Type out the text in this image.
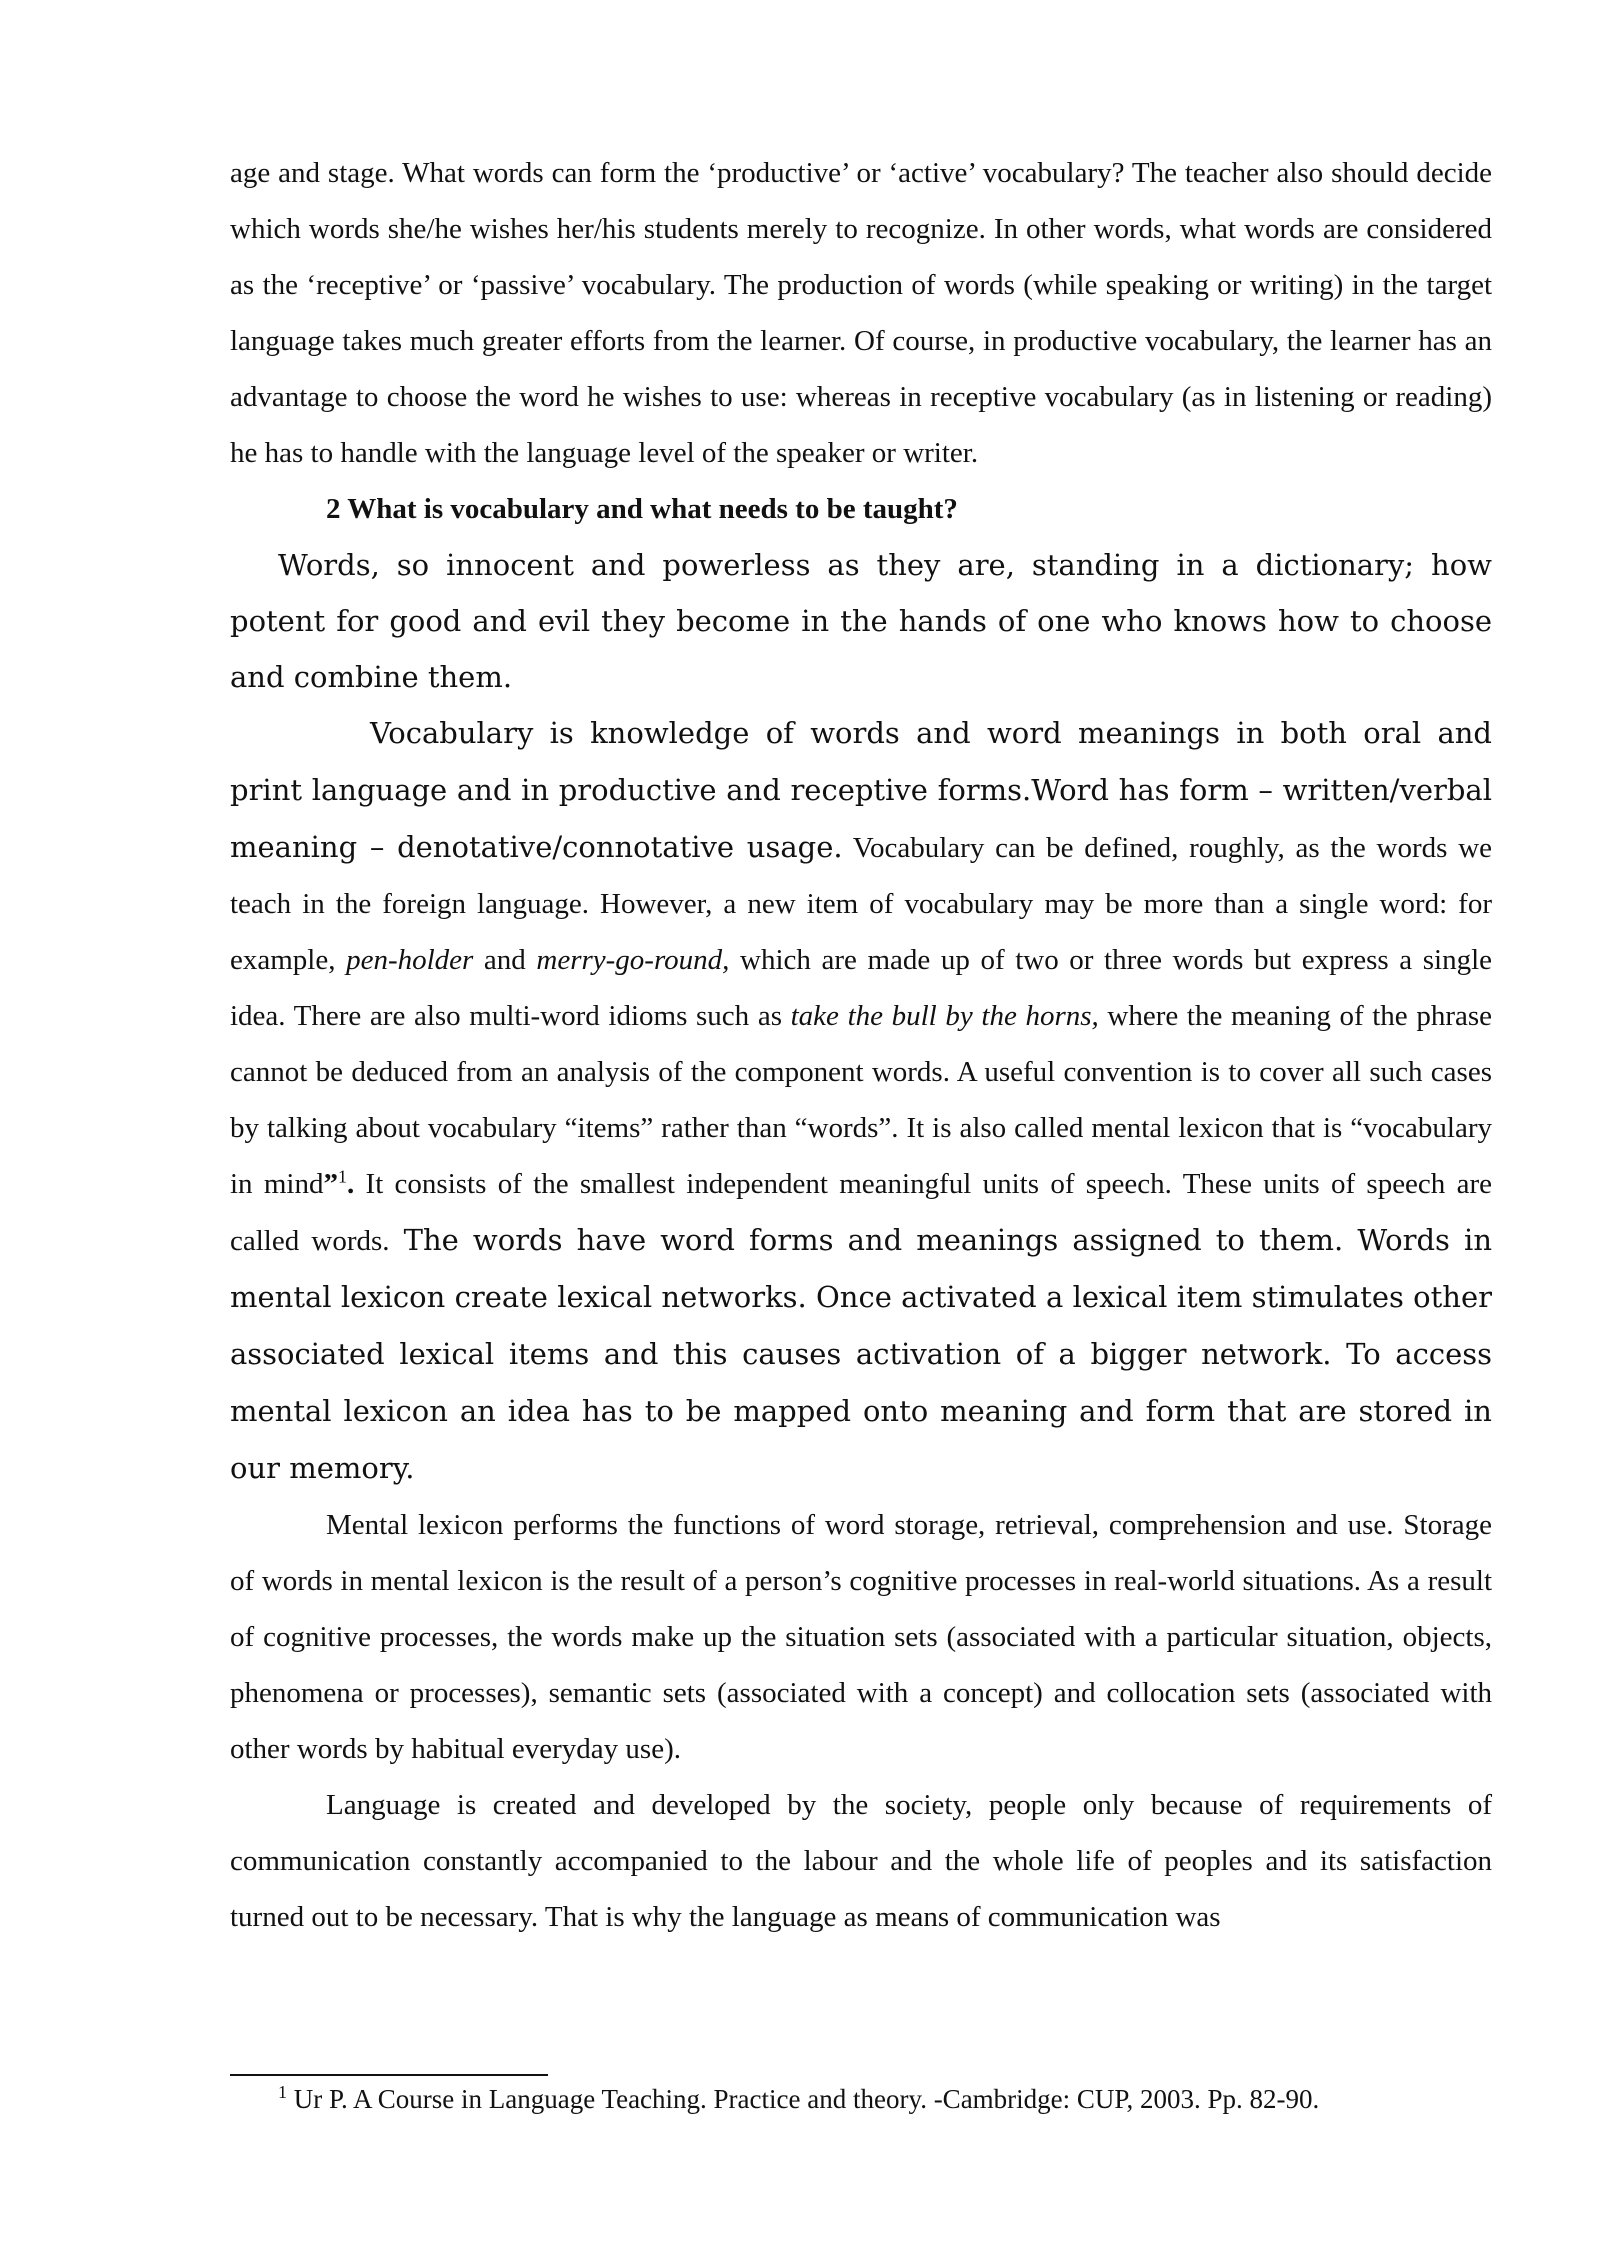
age and stage. What words can form the ‘productive’ or ‘active’ vocabulary? The teacher also should decide which words she/he wishes her/his students merely to recognize. In other words, what words are considered as the ‘receptive’ or ‘passive’ vocabulary. The production of words (while speaking or writing) in the target language takes much greater efforts from the learner. Of course, in productive vocabulary, the learner has an advantage to choose the word he wishes to use: whereas in receptive vocabulary (as in listening or reading) he has to handle with the language level of the speaker or writer.

2 What is vocabulary and what needs to be taught?

Words, so innocent and powerless as they are, standing in a dictionary; how potent for good and evil they become in the hands of one who knows how to choose and combine them.

Vocabulary is knowledge of words and word meanings in both oral and print language and in productive and receptive forms.Word has form – written/verbal meaning – denotative/connotative usage. Vocabulary can be defined, roughly, as the words we teach in the foreign language. However, a new item of vocabulary may be more than a single word: for example, pen-holder and merry-go-round, which are made up of two or three words but express a single idea. There are also multi-word idioms such as take the bull by the horns, where the meaning of the phrase cannot be deduced from an analysis of the component words. A useful convention is to cover all such cases by talking about vocabulary “items” rather than “words”. It is also called mental lexicon that is “vocabulary in mind”$^1$. It consists of the smallest independent meaningful units of speech. These units of speech are called words. The words have word forms and meanings assigned to them. Words in mental lexicon create lexical networks. Once activated a lexical item stimulates other associated lexical items and this causes activation of a bigger network. To access mental lexicon an idea has to be mapped onto meaning and form that are stored in our memory.

Mental lexicon performs the functions of word storage, retrieval, comprehension and use. Storage of words in mental lexicon is the result of a person’s cognitive processes in real-world situations. As a result of cognitive processes, the words make up the situation sets (associated with a particular situation, objects, phenomena or processes), semantic sets (associated with a concept) and collocation sets (associated with other words by habitual everyday use).

Language is created and developed by the society, people only because of requirements of communication constantly accompanied to the labour and the whole life of peoples and its satisfaction turned out to be necessary. That is why the language as means of communication was

$^1$ Ur P. A Course in Language Teaching. Practice and theory. -Cambridge: CUP, 2003. Pp. 82-90.
